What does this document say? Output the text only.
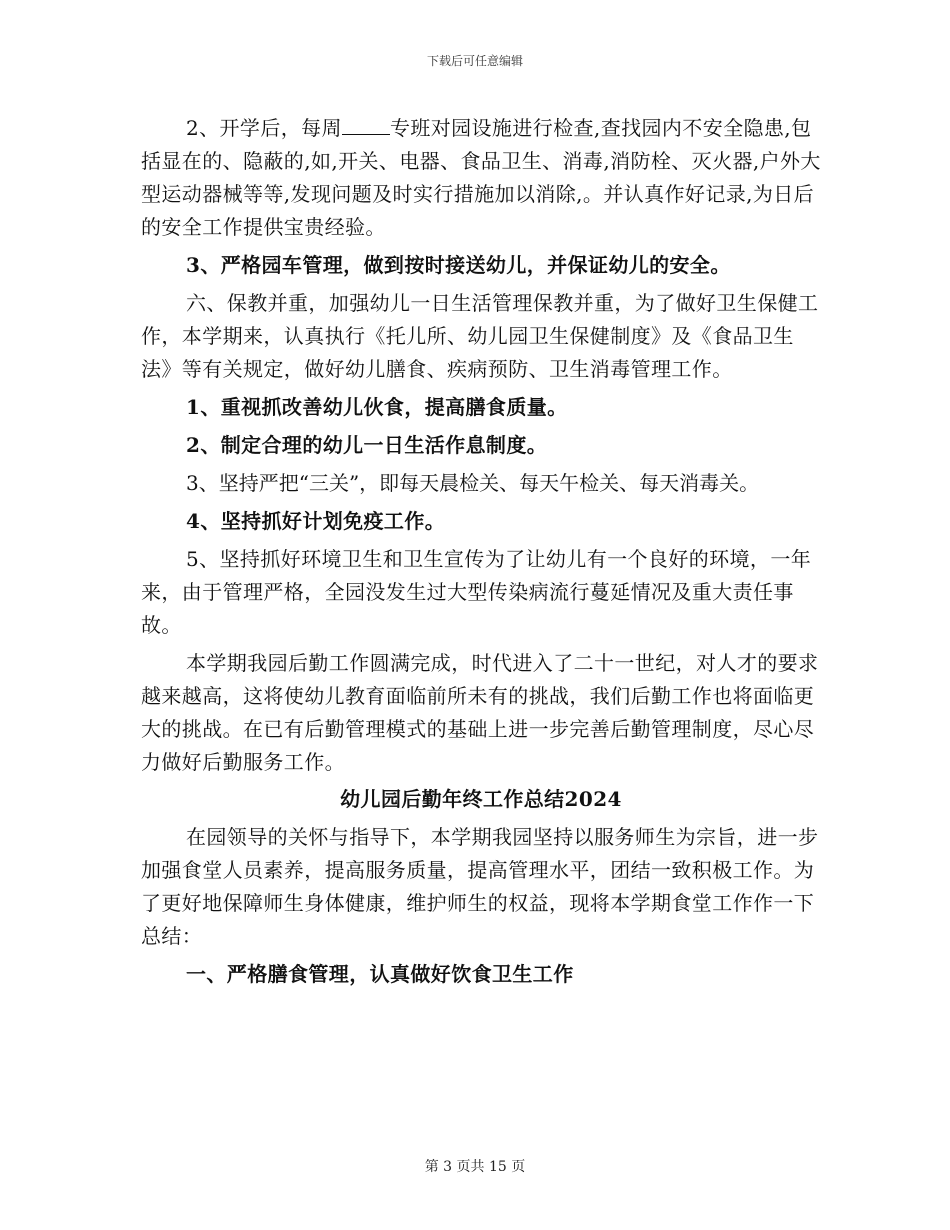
下载后可任意编辑

2、开学后，每周 专班对园设施进行检查,查找园内不安全隐患,包括显在的、隐蔽的,如,开关、电器、食品卫生、消毒,消防栓、灭火器,户外大型运动器械等等,发现问题及时实行措施加以消除,。并认真作好记录,为日后的安全工作提供宝贵经验。

3、严格园车管理，做到按时接送幼儿，并保证幼儿的安全。

六、保教并重，加强幼儿一日生活管理保教并重，为了做好卫生保健工作，本学期来，认真执行《托儿所、幼儿园卫生保健制度》及《食品卫生法》等有关规定，做好幼儿膳食、疾病预防、卫生消毒管理工作。

1、重视抓改善幼儿伙食，提高膳食质量。

2、制定合理的幼儿一日生活作息制度。

3、坚持严把“三关”，即每天晨检关、每天午检关、每天消毒关。

4、坚持抓好计划免疫工作。

5、坚持抓好环境卫生和卫生宣传为了让幼儿有一个良好的环境，一年来，由于管理严格，全园没发生过大型传染病流行蔓延情况及重大责任事故。

本学期我园后勤工作圆满完成，时代进入了二十一世纪，对人才的要求越来越高，这将使幼儿教育面临前所未有的挑战，我们后勤工作也将面临更大的挑战。在已有后勤管理模式的基础上进一步完善后勤管理制度，尽心尽力做好后勤服务工作。

幼儿园后勤年终工作总结2024

在园领导的关怀与指导下，本学期我园坚持以服务师生为宗旨，进一步加强食堂人员素养，提高服务质量，提高管理水平，团结一致积极工作。为了更好地保障师生身体健康，维护师生的权益，现将本学期食堂工作作一下总结：

一、严格膳食管理，认真做好饮食卫生工作

第 3 页共 15 页
